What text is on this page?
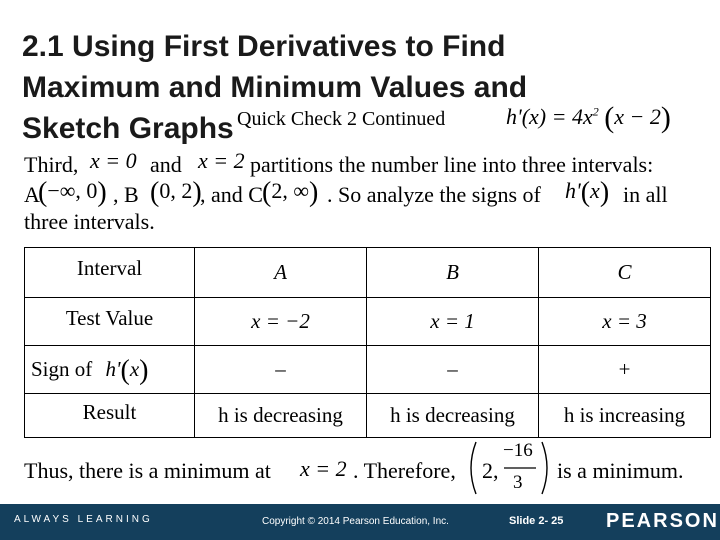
2.1 Using First Derivatives to Find
Maximum and Minimum Values and
Sketch Graphs Quick Check 2 Continued	$h'(x) = 4x^2$ (x − 2)
Third, x = 0 and x = 2 partitions the number line into three intervals:
A
(−∞, 0) , B (0, 2)
, and C (2, ∞) . So analyze the signs of h'(x) in all
three intervals.
Interval	A	B	C
Test Value	x = −2	x = 1	x = 3
Sign of h'(x)	–	–	+
Result	h is decreasing	h is decreasing	h is increasing
Thus, there is a minimum at x = 2 . Therefore, 2,
−16
3 is a minimum.
ALWAYS LEARNING	Copyright © 2014 Pearson Education, Inc.	Slide 2- 25 PEARSON
